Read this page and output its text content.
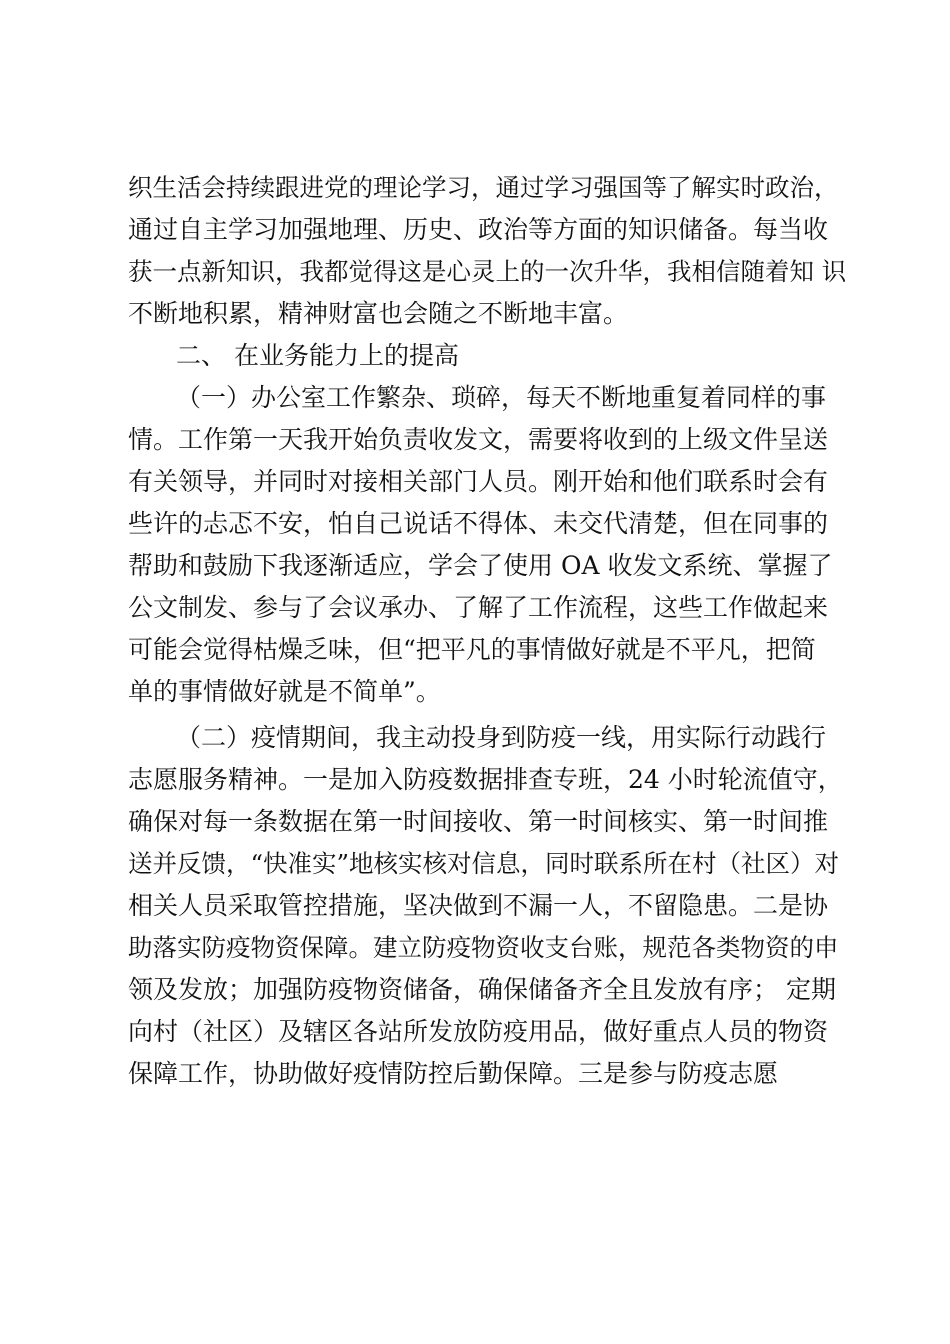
织生活会持续跟进党的理论学习，通过学习强国等了解实时政治，
通过自主学习加强地理、历史、政治等方面的知识储备。每当收
获一点新知识，我都觉得这是心灵上的一次升华，我相信随着知 识
不断地积累，精神财富也会随之不断地丰富。
二、 在业务能力上的提高
（一）办公室工作繁杂、琐碎，每天不断地重复着同样的事
情。工作第一天我开始负责收发文，需要将收到的上级文件呈送
有关领导，并同时对接相关部门人员。刚开始和他们联系时会有
些许的忐忑不安，怕自己说话不得体、未交代清楚，但在同事的
帮助和鼓励下我逐渐适应，学会了使用 OA 收发文系统、掌握了
公文制发、参与了会议承办、了解了工作流程，这些工作做起来
可能会觉得枯燥乏味，但“把平凡的事情做好就是不平凡，把简
单的事情做好就是不简单”。
（二）疫情期间，我主动投身到防疫一线，用实际行动践行
志愿服务精神。一是加入防疫数据排查专班，24 小时轮流值守，
确保对每一条数据在第一时间接收、第一时间核实、第一时间推
送并反馈，“快准实”地核实核对信息，同时联系所在村（社区）对
相关人员采取管控措施，坚决做到不漏一人，不留隐患。二是协
助落实防疫物资保障。建立防疫物资收支台账，规范各类物资的申
领及发放；加强防疫物资储备，确保储备齐全且发放有序； 定期
向村（社区）及辖区各站所发放防疫用品，做好重点人员的物资
保障工作，协助做好疫情防控后勤保障。三是参与防疫志愿
